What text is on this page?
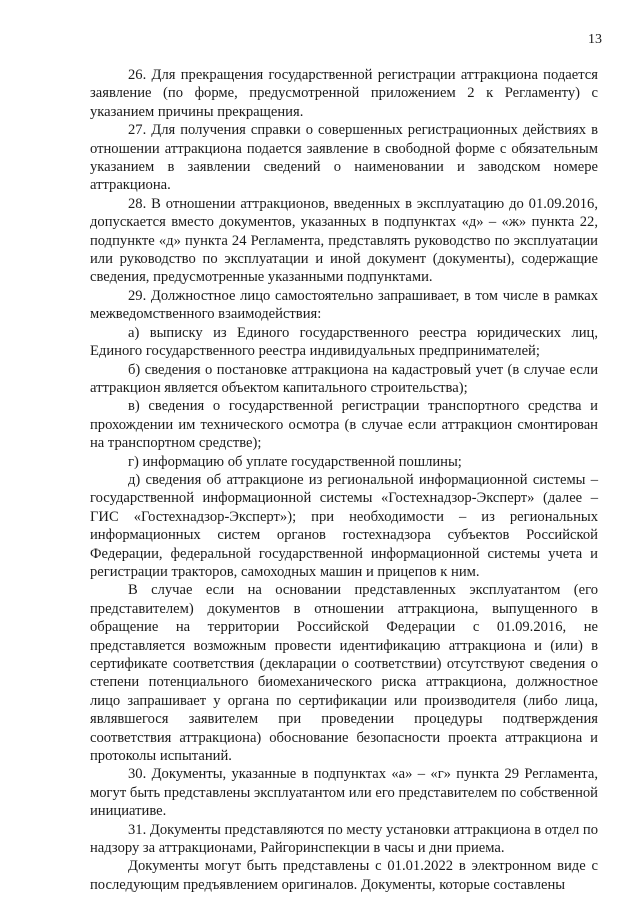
13

26. Для прекращения государственной регистрации аттракциона подается заявление (по форме, предусмотренной приложением 2 к Регламенту) с указанием причины прекращения.

27. Для получения справки о совершенных регистрационных действиях в отношении аттракциона подается заявление в свободной форме с обязательным указанием в заявлении сведений о наименовании и заводском номере аттракциона.

28. В отношении аттракционов, введенных в эксплуатацию до 01.09.2016, допускается вместо документов, указанных в подпунктах «д» – «ж» пункта 22, подпункте «д» пункта 24 Регламента, представлять руководство по эксплуатации или руководство по эксплуатации и иной документ (документы), содержащие сведения, предусмотренные указанными подпунктами.

29. Должностное лицо самостоятельно запрашивает, в том числе в рамках межведомственного взаимодействия:

а) выписку из Единого государственного реестра юридических лиц, Единого государственного реестра индивидуальных предпринимателей;

б) сведения о постановке аттракциона на кадастровый учет (в случае если аттракцион является объектом капитального строительства);

в) сведения о государственной регистрации транспортного средства и прохождении им технического осмотра (в случае если аттракцион смонтирован на транспортном средстве);

г) информацию об уплате государственной пошлины;

д) сведения об аттракционе из региональной информационной системы – государственной информационной системы «Гостехнадзор-Эксперт» (далее – ГИС «Гостехнадзор-Эксперт»); при необходимости – из региональных информационных систем органов гостехнадзора субъектов Российской Федерации, федеральной государственной информационной системы учета и регистрации тракторов, самоходных машин и прицепов к ним.

В случае если на основании представленных эксплуатантом (его представителем) документов в отношении аттракциона, выпущенного в обращение на территории Российской Федерации с 01.09.2016, не представляется возможным провести идентификацию аттракциона и (или) в сертификате соответствия (декларации о соответствии) отсутствуют сведения о степени потенциального биомеханического риска аттракциона, должностное лицо запрашивает у органа по сертификации или производителя (либо лица, являвшегося заявителем при проведении процедуры подтверждения соответствия аттракциона) обоснование безопасности проекта аттракциона и протоколы испытаний.

30. Документы, указанные в подпунктах «а» – «г» пункта 29 Регламента, могут быть представлены эксплуатантом или его представителем по собственной инициативе.

31. Документы представляются по месту установки аттракциона в отдел по надзору за аттракционами, Райгоринспекции в часы и дни приема.

Документы могут быть представлены с 01.01.2022 в электронном виде с последующим предъявлением оригиналов. Документы, которые составлены
